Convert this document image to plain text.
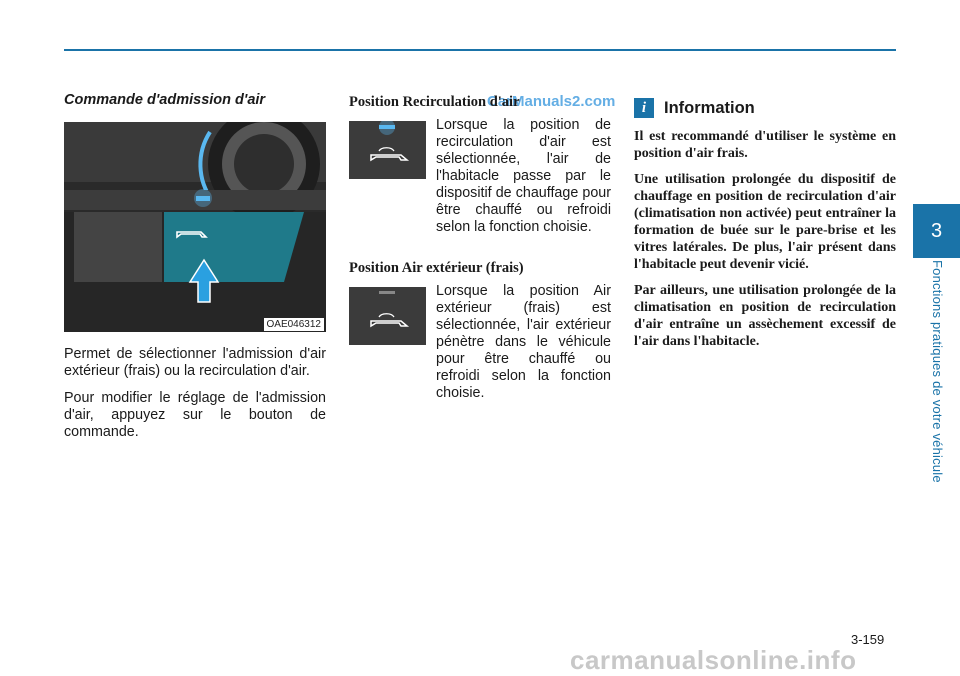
3
Fonctions pratiques de votre véhicule
CarManuals2.com
Commande d'admission d'air
OAE046312

Permet de sélectionner l'admission d'air extérieur (frais) ou la recirculation d'air.

Pour modifier le réglage de l'admission d'air, appuyez sur le bouton de commande.

Position Recirculation d'air

Lorsque la position de recirculation d'air est sélectionnée, l'air de l'habitacle passe par le dispositif de chauffage pour être chauffé ou refroidi selon la fonction choisie.

Position Air extérieur (frais)

Lorsque la position Air extérieur (frais) est sélectionnée, l'air extérieur pénètre dans le véhicule pour être chauffé ou refroidi selon la fonction choisie.

i	Information

Il est recommandé d'utiliser le système en position d'air frais.

Une utilisation prolongée du dispositif de chauffage en position de recirculation d'air (climatisation non activée) peut entraîner la formation de buée sur le pare-brise et les vitres latérales. De plus, l'air présent dans l'habitacle peut devenir vicié.

Par ailleurs, une utilisation prolongée de la climatisation en position de recirculation d'air entraîne un assèchement excessif de l'air dans l'habitacle.

3-159
carmanualsonline.info
